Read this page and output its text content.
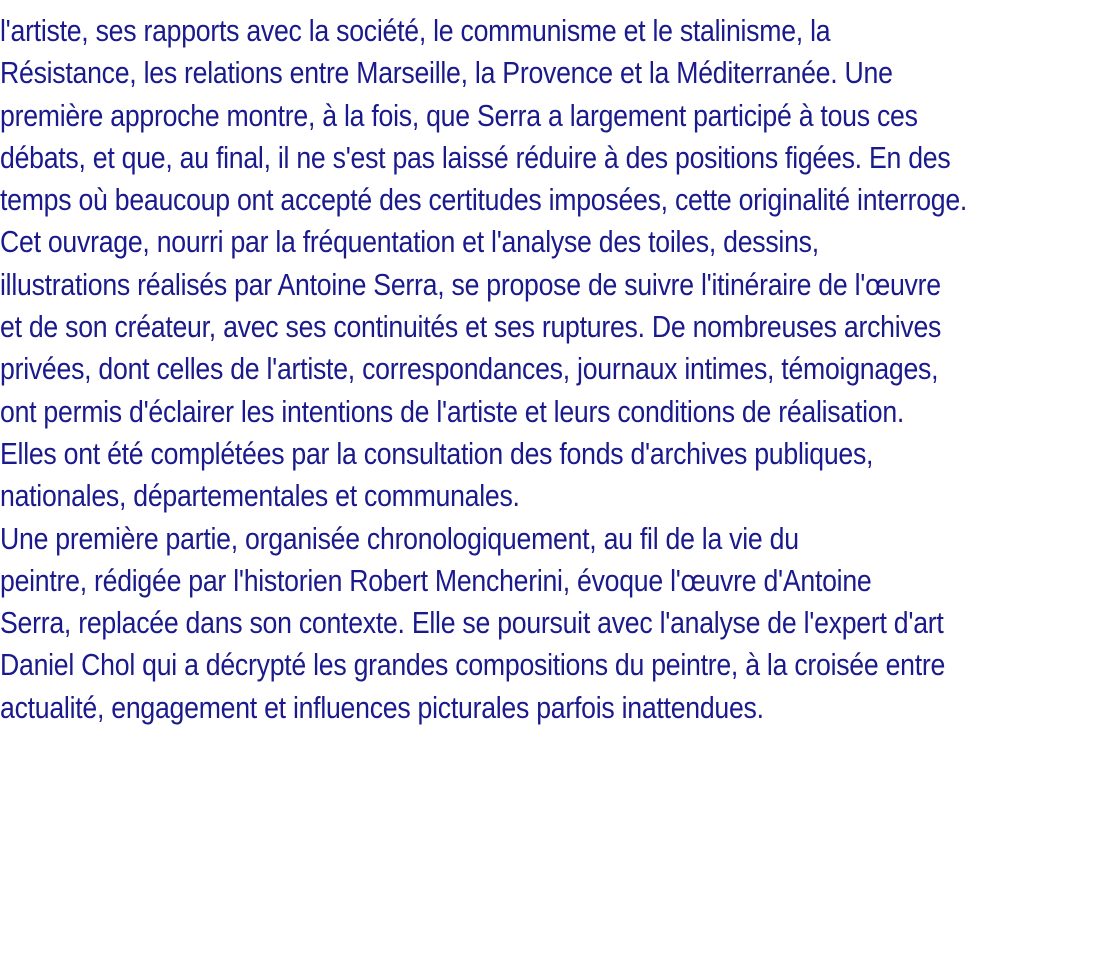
l'artiste, ses rapports avec la société, le communisme et le stalinisme, la
Résistance, les relations entre Marseille, la Provence et la Méditerranée. Une
première approche montre, à la fois, que Serra a largement participé à tous ces
débats, et que, au final, il ne s'est pas laissé réduire à des positions figées. En des
temps où beaucoup ont accepté des certitudes imposées, cette originalité interroge.
Cet ouvrage, nourri par la fréquentation et l'analyse des toiles, dessins,
illustrations réalisés par Antoine Serra, se propose de suivre l'itinéraire de l'œuvre
et de son créateur, avec ses continuités et ses ruptures. De nombreuses archives
privées, dont celles de l'artiste, correspondances, journaux intimes, témoignages,
ont permis d'éclairer les intentions de l'artiste et leurs conditions de réalisation.
Elles ont été complétées par la consultation des fonds d'archives publiques,
nationales, départementales et communales.
Une première partie, organisée chronologiquement, au fil de la vie du
peintre, rédigée par l'historien Robert Mencherini, évoque l'œuvre d'Antoine
Serra, replacée dans son contexte. Elle se poursuit avec l'analyse de l'expert d'art
Daniel Chol qui a décrypté les grandes compositions du peintre, à la croisée entre
actualité, engagement et influences picturales parfois inattendues.
